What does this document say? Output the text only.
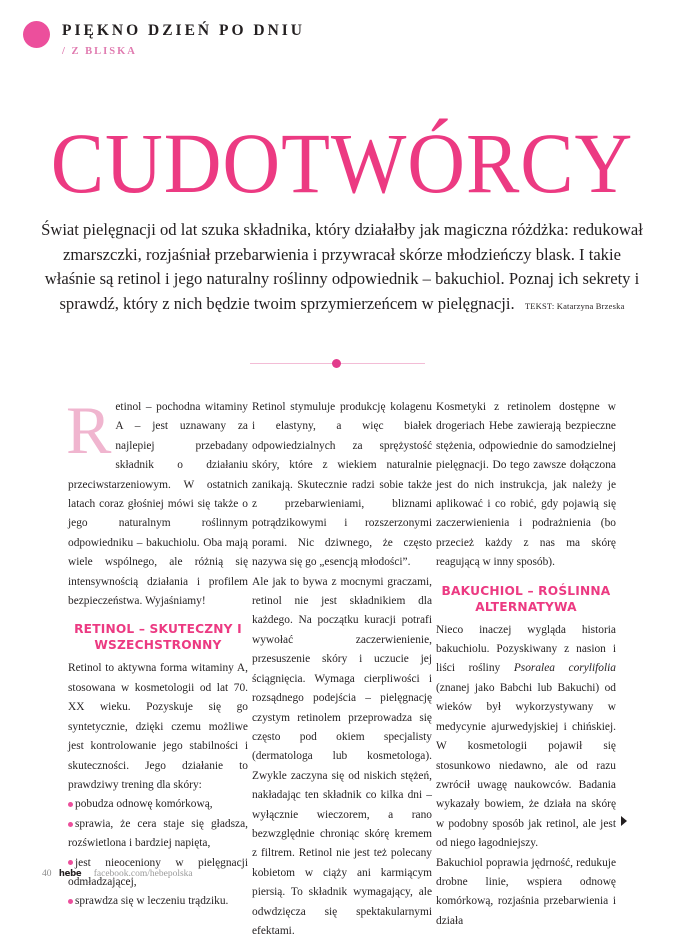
PIĘKNO DZIEŃ PO DNIU
/ Z BLISKA
CUDOTWÓRCY
Świat pielęgnacji od lat szuka składnika, który działałby jak magiczna różdżka: redukował zmarszczki, rozjaśniał przebarwienia i przywracał skórze młodzieńczy blask. I takie właśnie są retinol i jego naturalny roślinny odpowiednik – bakuchiol. Poznaj ich sekrety i sprawdź, który z nich będzie twoim sprzymierzeńcem w pielęgnacji. TEKST: Katarzyna Brzeska

Retinol – pochodna witaminy A – jest uznawany za najlepiej przebadany składnik o działaniu przeciwstarzeniowym. W ostatnich latach coraz głośniej mówi się także o jego naturalnym roślinnym odpowiedniku – bakuchiolu. Oba mają wiele wspólnego, ale różnią się intensywnością działania i profilem bezpieczeństwa. Wyjaśniamy!

RETINOL – SKUTECZNY I WSZECHSTRONNY

Retinol to aktywna forma witaminy A, stosowana w kosmetologii od lat 70. XX wieku. Pozyskuje się go syntetycznie, dzięki czemu możliwe jest kontrolowanie jego stabilności i skuteczności. Jego działanie to prawdziwy trening dla skóry:

pobudza odnowę komórkową,

sprawia, że cera staje się gładsza, rozświetlona i bardziej napięta,

jest nieoceniony w pielęgnacji odmładzającej,

sprawdza się w leczeniu trądziku.

Retinol stymuluje produkcję kolagenu i elastyny, a więc białek odpowiedzialnych za sprężystość skóry, które z wiekiem naturalnie zanikają. Skutecznie radzi sobie także z przebarwieniami, bliznami potrądzikowymi i rozszerzonymi porami. Nic dziwnego, że często nazywa się go „esencją młodości”.

Ale jak to bywa z mocnymi graczami, retinol nie jest składnikiem dla każdego. Na początku kuracji potrafi wywołać zaczerwienienie, przesuszenie skóry i uczucie jej ściągnięcia. Wymaga cierpliwości i rozsądnego podejścia – pielęgnację czystym retinolem przeprowadza się często pod okiem specjalisty (dermatologa lub kosmetologa). Zwykle zaczyna się od niskich stężeń, nakładając ten składnik co kilka dni – wyłącznie wieczorem, a rano bezwzględnie chroniąc skórę kremem z filtrem. Retinol nie jest też polecany kobietom w ciąży ani karmiącym piersią. To składnik wymagający, ale odwdzięcza się spektakularnymi efektami.

Kosmetyki z retinolem dostępne w drogeriach Hebe zawierają bezpieczne stężenia, odpowiednie do samodzielnej pielęgnacji. Do tego zawsze dołączona jest do nich instrukcja, jak należy je aplikować i co robić, gdy pojawią się zaczerwienienia i podrażnienia (bo przecież każdy z nas ma skórę reagującą w inny sposób).

BAKUCHIOL – ROŚLINNA ALTERNATYWA

Nieco inaczej wygląda historia bakuchiolu. Pozyskiwany z nasion i liści rośliny Psoralea corylifolia (znanej jako Babchi lub Bakuchi) od wieków był wykorzystywany w medycynie ajurwedyjskiej i chińskiej. W kosmetologii pojawił się stosunkowo niedawno, ale od razu zwrócił uwagę naukowców. Badania wykazały bowiem, że działa na skórę w podobny sposób jak retinol, ale jest od niego łagodniejszy.

Bakuchiol poprawia jędrność, redukuje drobne linie, wspiera odnowę komórkową, rozjaśnia przebarwienia i działa

40 hebe facebook.com/hebepolska
